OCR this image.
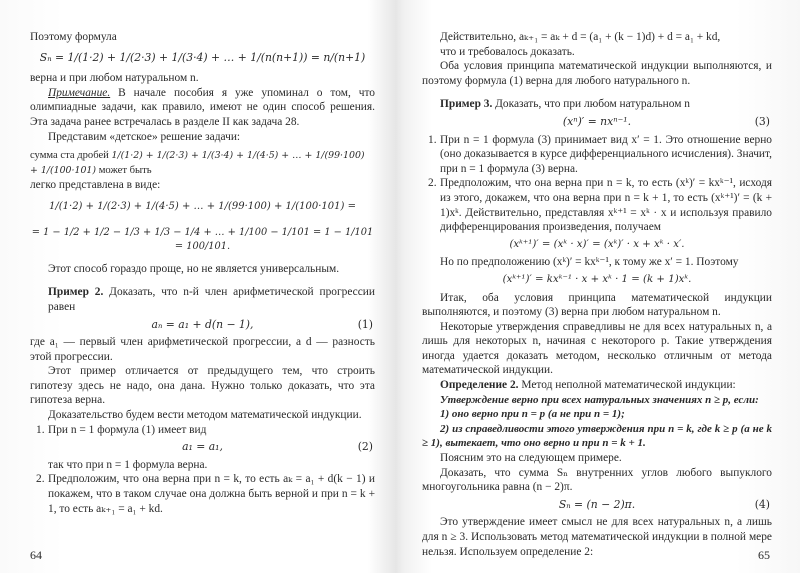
Поэтому формула

Sₙ = 1/(1·2) + 1/(2·3) + 1/(3·4) + … + 1/(n(n+1)) = n/(n+1)

верна и при любом натуральном n.

Примечание. В начале пособия я уже упоминал о том, что олимпиадные задачи, как правило, имеют не один способ решения. Эта задача ранее встречалась в разделе II как задача 28.

Представим «детское» решение задачи:

сумма ста дробей 1/(1·2) + 1/(2·3) + 1/(3·4) + 1/(4·5) + … + 1/(99·100) + 1/(100·101) может быть

легко представлена в виде:

1/(1·2) + 1/(2·3) + 1/(4·5) + … + 1/(99·100) + 1/(100·101) =
= 1 − 1/2 + 1/2 − 1/3 + 1/3 − 1/4 + … + 1/100 − 1/101 = 1 − 1/101 = 100/101.

Этот способ гораздо проще, но не является универсальным.

Пример 2. Доказать, что n-й член арифметической прогрессии равен

aₙ = a₁ + d(n − 1),	(1)

где a₁ — первый член арифметической прогрессии, а d — разность этой прогрессии.

Этот пример отличается от предыдущего тем, что строить гипотезу здесь не надо, она дана. Нужно только доказать, что эта гипотеза верна.

Доказательство будем вести методом математической индукции.

1. При n = 1 формула (1) имеет вид
a₁ = a₁,	(2)

так что при n = 1 формула верна.

2. Предположим, что она верна при n = k, то есть aₖ = a₁ + d(k − 1) и покажем, что в таком случае она должна быть верной и при n = k + 1, то есть aₖ₊₁ = a₁ + kd.

Действительно, aₖ₊₁ = aₖ + d = (a₁ + (k − 1)d) + d = a₁ + kd,

что и требовалось доказать.

Оба условия принципа математической индукции выполняются, и поэтому формула (1) верна для любого натурального n.

Пример 3. Доказать, что при любом натуральном n

(xⁿ)′ = nxⁿ⁻¹.	(3)
1. При n = 1 формула (3) принимает вид x′ = 1. Это отношение верно (оно доказывается в курсе дифференциального исчисления). Значит, при n = 1 формула (3) верна.
2. Предположим, что она верна при n = k, то есть (xᵏ)′ = kxᵏ⁻¹, исходя из этого, докажем, что она верна при n = k + 1, то есть (xᵏ⁺¹)′ = (k + 1)xᵏ. Действительно, представляя xᵏ⁺¹ = xᵏ · x и используя правило дифференцирования произведения, получаем
(xᵏ⁺¹)′ = (xᵏ · x)′ = (xᵏ)′ · x + xᵏ · x′.

Но по предположению (xᵏ)′ = kxᵏ⁻¹, к тому же x′ = 1. Поэтому

(xᵏ⁺¹)′ = kxᵏ⁻¹ · x + xᵏ · 1 = (k + 1)xᵏ.

Итак, оба условия принципа математической индукции выполняются, и поэтому (3) верна при любом натуральном n.

Некоторые утверждения справедливы не для всех натуральных n, а лишь для некоторых n, начиная с некоторого p. Такие утверждения иногда удается доказать методом, несколько отличным от метода математической индукции.

Определение 2. Метод неполной математической индукции:

Утверждение верно при всех натуральных значениях n ≥ p, если:

1) оно верно при n = p (а не при n = 1);

2) из справедливости этого утверждения при n = k, где k ≥ p (а не k ≥ 1), вытекает, что оно верно и при n = k + 1.

Поясним это на следующем примере.

Доказать, что сумма Sₙ внутренних углов любого выпуклого многоугольника равна (n − 2)π.

Sₙ = (n − 2)π.	(4)

Это утверждение имеет смысл не для всех натуральных n, а лишь для n ≥ 3. Использовать метод математической индукции в полной мере нельзя. Используем определение 2:

64	65
